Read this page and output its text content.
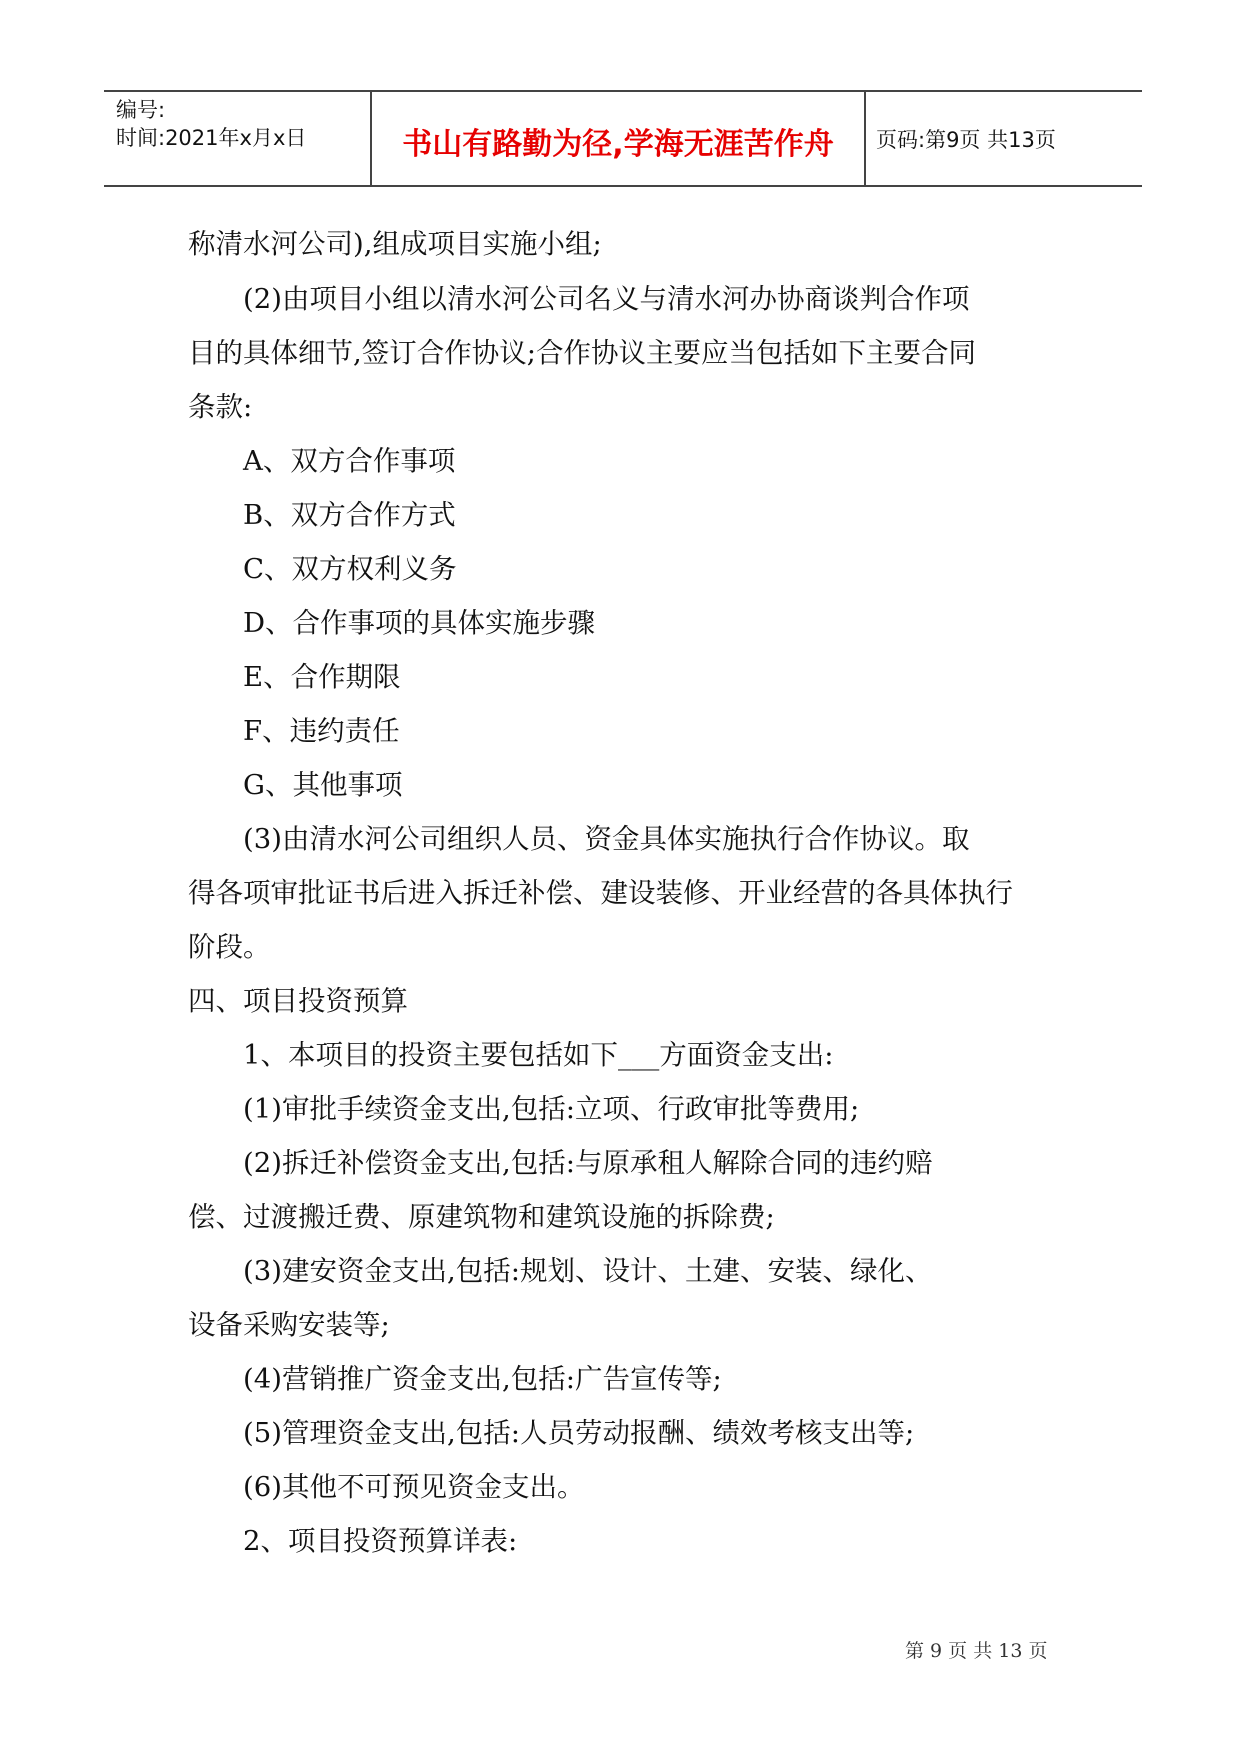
编号:
时间:2021年x月x日	书山有路勤为径,学海无涯苦作舟	页码:第9页 共13页
称清水河公司),组成项目实施小组;
(2)由项目小组以清水河公司名义与清水河办协商谈判合作项
目的具体细节,签订合作协议;合作协议主要应当包括如下主要合同
条款:
A、双方合作事项
B、双方合作方式
C、双方权利义务
D、合作事项的具体实施步骤
E、合作期限
F、违约责任
G、其他事项
(3)由清水河公司组织人员、资金具体实施执行合作协议。取
得各项审批证书后进入拆迁补偿、建设装修、开业经营的各具体执行
阶段。
四、项目投资预算
1、本项目的投资主要包括如下___方面资金支出:
(1)审批手续资金支出,包括:立项、行政审批等费用;
(2)拆迁补偿资金支出,包括:与原承租人解除合同的违约赔
偿、过渡搬迁费、原建筑物和建筑设施的拆除费;
(3)建安资金支出,包括:规划、设计、土建、安装、绿化、
设备采购安装等;
(4)营销推广资金支出,包括:广告宣传等;
(5)管理资金支出,包括:人员劳动报酬、绩效考核支出等;
(6)其他不可预见资金支出。
2、项目投资预算详表:
第 9 页 共 13 页
